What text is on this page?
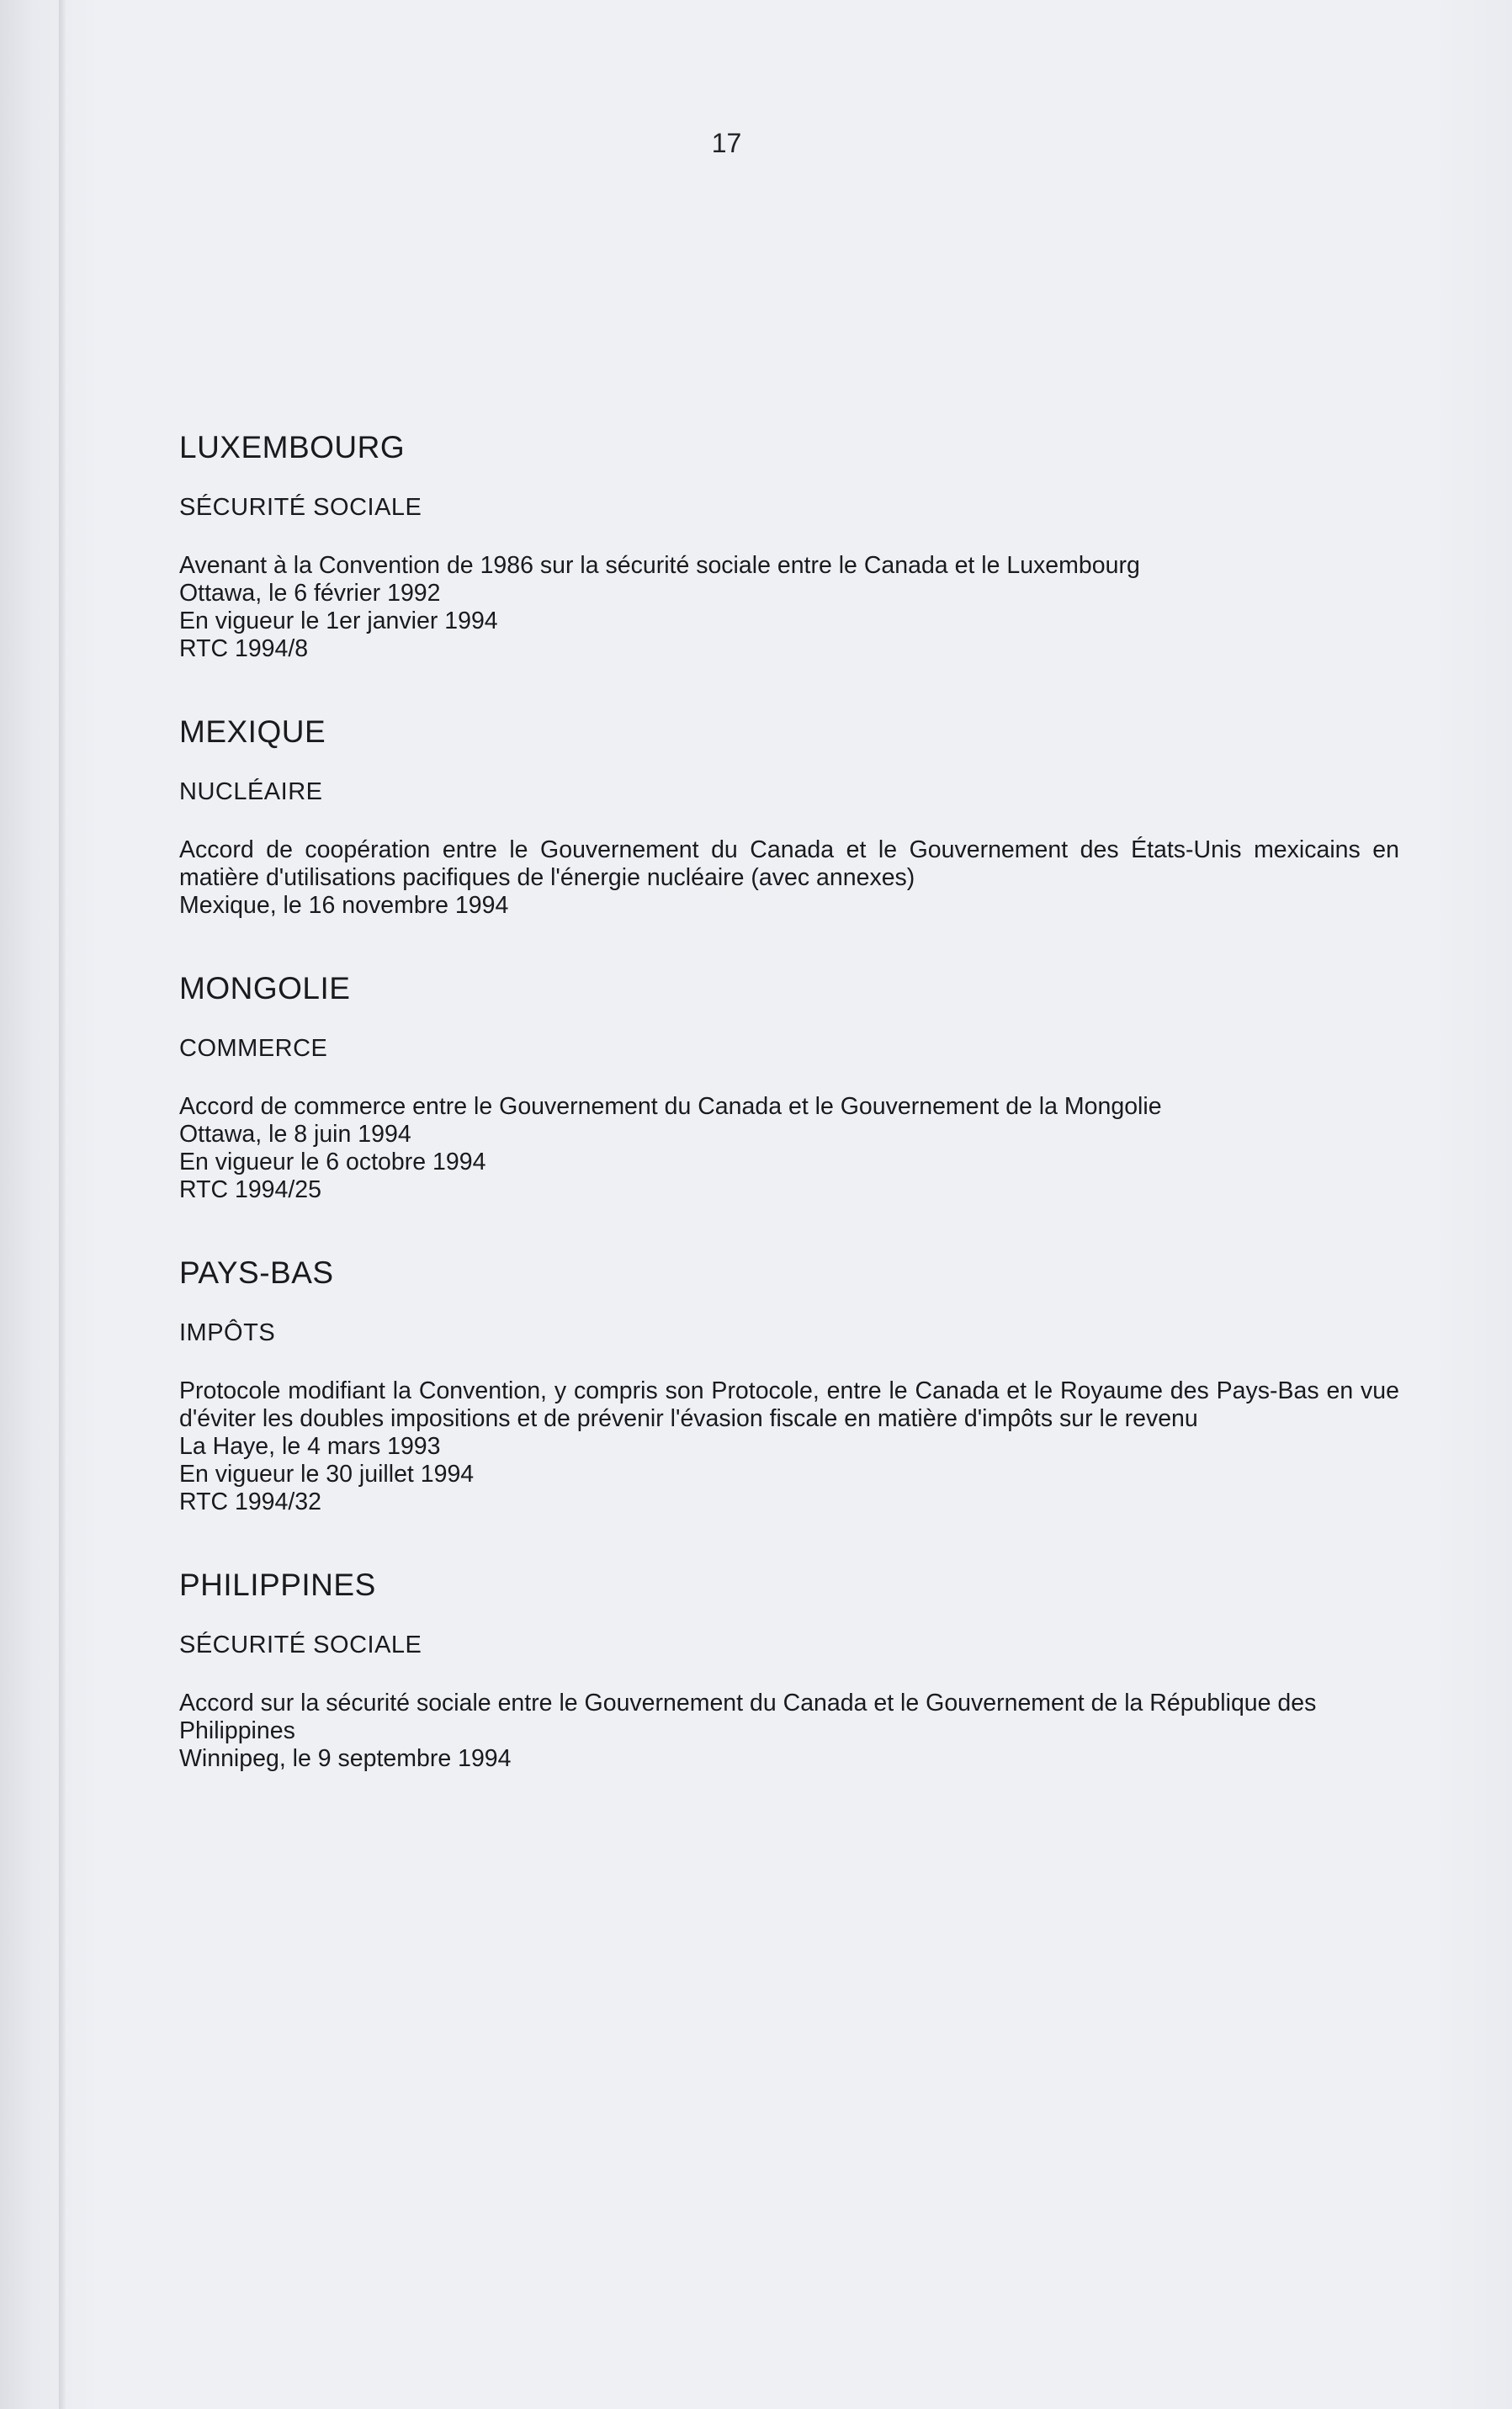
17
LUXEMBOURG
SÉCURITÉ SOCIALE

Avenant à la Convention de 1986 sur la sécurité sociale entre le Canada et le Luxembourg

Ottawa, le 6 février 1992

En vigueur le 1er janvier 1994

RTC 1994/8

MEXIQUE
NUCLÉAIRE

Accord de coopération entre le Gouvernement du Canada et le Gouvernement des États-Unis mexicains en matière d'utilisations pacifiques de l'énergie nucléaire (avec annexes)

Mexique, le 16 novembre 1994

MONGOLIE
COMMERCE

Accord de commerce entre le Gouvernement du Canada et le Gouvernement de la Mongolie

Ottawa, le 8 juin 1994

En vigueur le 6 octobre 1994

RTC 1994/25

PAYS-BAS
IMPÔTS

Protocole modifiant la Convention, y compris son Protocole, entre le Canada et le Royaume des Pays-Bas en vue d'éviter les doubles impositions et de prévenir l'évasion fiscale en matière d'impôts sur le revenu

La Haye, le 4 mars 1993

En vigueur le 30 juillet 1994

RTC 1994/32

PHILIPPINES
SÉCURITÉ SOCIALE

Accord sur la sécurité sociale entre le Gouvernement du Canada et le Gouvernement de la République des Philippines

Winnipeg, le 9 septembre 1994
